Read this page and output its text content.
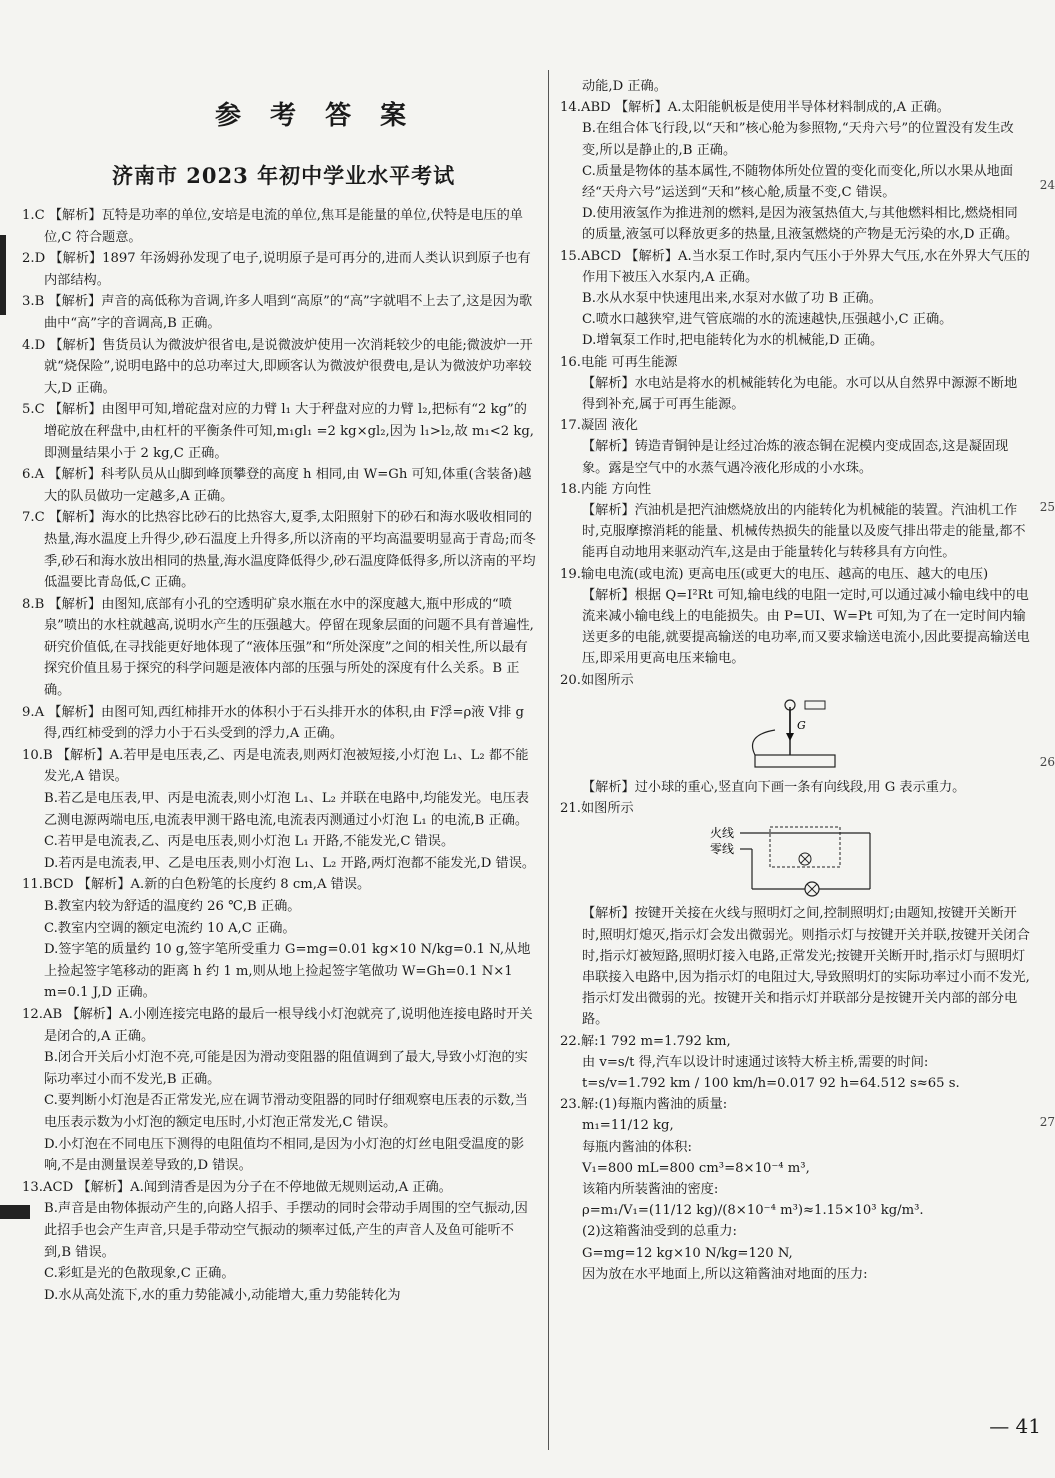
参 考 答 案
济南市 2023 年初中学业水平考试

1.C 【解析】瓦特是功率的单位,安培是电流的单位,焦耳是能量的单位,伏特是电压的单位,C 符合题意。

2.D 【解析】1897 年汤姆孙发现了电子,说明原子是可再分的,进而人类认识到原子也有内部结构。

3.B 【解析】声音的高低称为音调,许多人唱到“高原”的“高”字就唱不上去了,这是因为歌曲中“高”字的音调高,B 正确。

4.D 【解析】售货员认为微波炉很省电,是说微波炉使用一次消耗较少的电能;微波炉一开就“烧保险”,说明电路中的总功率过大,即顾客认为微波炉很费电,是认为微波炉功率较大,D 正确。

5.C 【解析】由图甲可知,增砣盘对应的力臂 l₁ 大于秤盘对应的力臂 l₂,把标有“2 kg”的增砣放在秤盘中,由杠杆的平衡条件可知,m₁gl₁ =2 kg×gl₂,因为 l₁>l₂,故 m₁<2 kg,即测量结果小于 2 kg,C 正确。

6.A 【解析】科考队员从山脚到峰顶攀登的高度 h 相同,由 W=Gh 可知,体重(含装备)越大的队员做功一定越多,A 正确。

7.C 【解析】海水的比热容比砂石的比热容大,夏季,太阳照射下的砂石和海水吸收相同的热量,海水温度上升得少,砂石温度上升得多,所以济南的平均高温要明显高于青岛;而冬季,砂石和海水放出相同的热量,海水温度降低得少,砂石温度降低得多,所以济南的平均低温要比青岛低,C 正确。

8.B 【解析】由图知,底部有小孔的空透明矿泉水瓶在水中的深度越大,瓶中形成的“喷泉”喷出的水柱就越高,说明水产生的压强越大。停留在现象层面的问题不具有普遍性,研究价值低,在寻找能更好地体现了“液体压强”和“所处深度”之间的相关性,所以最有探究价值且易于探究的科学问题是液体内部的压强与所处的深度有什么关系。B 正确。

9.A 【解析】由图可知,西红柿排开水的体积小于石头排开水的体积,由 F浮=ρ液 V排 g 得,西红柿受到的浮力小于石头受到的浮力,A 正确。

10.B 【解析】A.若甲是电压表,乙、丙是电流表,则两灯泡被短接,小灯泡 L₁、L₂ 都不能发光,A 错误。

B.若乙是电压表,甲、丙是电流表,则小灯泡 L₁、L₂ 并联在电路中,均能发光。电压表乙测电源两端电压,电流表甲测干路电流,电流表丙测通过小灯泡 L₁ 的电流,B 正确。

C.若甲是电流表,乙、丙是电压表,则小灯泡 L₁ 开路,不能发光,C 错误。

D.若丙是电流表,甲、乙是电压表,则小灯泡 L₁、L₂ 开路,两灯泡都不能发光,D 错误。

11.BCD 【解析】A.新的白色粉笔的长度约 8 cm,A 错误。

B.教室内较为舒适的温度约 26 ℃,B 正确。

C.教室内空调的额定电流约 10 A,C 正确。

D.签字笔的质量约 10 g,签字笔所受重力 G=mg=0.01 kg×10 N/kg=0.1 N,从地上捡起签字笔移动的距离 h 约 1 m,则从地上捡起签字笔做功 W=Gh=0.1 N×1 m=0.1 J,D 正确。

12.AB 【解析】A.小刚连接完电路的最后一根导线小灯泡就亮了,说明他连接电路时开关是闭合的,A 正确。

B.闭合开关后小灯泡不亮,可能是因为滑动变阻器的阻值调到了最大,导致小灯泡的实际功率过小而不发光,B 正确。

C.要判断小灯泡是否正常发光,应在调节滑动变阻器的同时仔细观察电压表的示数,当电压表示数为小灯泡的额定电压时,小灯泡正常发光,C 错误。

D.小灯泡在不同电压下测得的电阻值均不相同,是因为小灯泡的灯丝电阻受温度的影响,不是由测量误差导致的,D 错误。

13.ACD 【解析】A.闻到清香是因为分子在不停地做无规则运动,A 正确。

B.声音是由物体振动产生的,向路人招手、手摆动的同时会带动手周围的空气振动,因此招手也会产生声音,只是手带动空气振动的频率过低,产生的声音人及鱼可能听不到,B 错误。

C.彩虹是光的色散现象,C 正确。

D.水从高处流下,水的重力势能减小,动能增大,重力势能转化为

动能,D 正确。

14.ABD 【解析】A.太阳能帆板是使用半导体材料制成的,A 正确。

B.在组合体飞行段,以“天和”核心舱为参照物,“天舟六号”的位置没有发生改变,所以是静止的,B 正确。

C.质量是物体的基本属性,不随物体所处位置的变化而变化,所以水果从地面经“天舟六号”运送到“天和”核心舱,质量不变,C 错误。

D.使用液氢作为推进剂的燃料,是因为液氢热值大,与其他燃料相比,燃烧相同的质量,液氢可以释放更多的热量,且液氢燃烧的产物是无污染的水,D 正确。

15.ABCD 【解析】A.当水泵工作时,泵内气压小于外界大气压,水在外界大气压的作用下被压入水泵内,A 正确。

B.水从水泵中快速甩出来,水泵对水做了功 B 正确。

C.喷水口越狭窄,进气管底端的水的流速越快,压强越小,C 正确。

D.增氧泵工作时,把电能转化为水的机械能,D 正确。

16.电能 可再生能源

【解析】水电站是将水的机械能转化为电能。水可以从自然界中源源不断地得到补充,属于可再生能源。

17.凝固 液化

【解析】铸造青铜钟是让经过冶炼的液态铜在泥模内变成固态,这是凝固现象。露是空气中的水蒸气遇冷液化形成的小水珠。

18.内能 方向性

【解析】汽油机是把汽油燃烧放出的内能转化为机械能的装置。汽油机工作时,克服摩擦消耗的能量、机械传热损失的能量以及废气排出带走的能量,都不能再自动地用来驱动汽车,这是由于能量转化与转移具有方向性。

19.输电电流(或电流) 更高电压(或更大的电压、越高的电压、越大的电压)

【解析】根据 Q=I²Rt 可知,输电线的电阻一定时,可以通过减小输电线中的电流来减小输电线上的电能损失。由 P=UI、W=Pt 可知,为了在一定时间内输送更多的电能,就要提高输送的电功率,而又要求输送电流小,因此要提高输送电压,即采用更高电压来输电。

20.如图所示

G

【解析】过小球的重心,竖直向下画一条有向线段,用 G 表示重力。

21.如图所示

火线
零线

【解析】按键开关接在火线与照明灯之间,控制照明灯;由题知,按键开关断开时,照明灯熄灭,指示灯会发出微弱光。则指示灯与按键开关并联,按键开关闭合时,指示灯被短路,照明灯接入电路,正常发光;按键开关断开时,指示灯与照明灯串联接入电路中,因为指示灯的电阻过大,导致照明灯的实际功率过小而不发光,指示灯发出微弱的光。按键开关和指示灯并联部分是按键开关内部的部分电路。

22.解:1 792 m=1.792 km,

由 v=s/t 得,汽车以设计时速通过该特大桥主桥,需要的时间:

t=s/v=1.792 km / 100 km/h=0.017 92 h=64.512 s≈65 s.

23.解:(1)每瓶内酱油的质量:

m₁=11/12 kg,

每瓶内酱油的体积:

V₁=800 mL=800 cm³=8×10⁻⁴ m³,

该箱内所装酱油的密度:

ρ=m₁/V₁=(11/12 kg)/(8×10⁻⁴ m³)≈1.15×10³ kg/m³.

(2)这箱酱油受到的总重力:

G=mg=12 kg×10 N/kg=120 N,

因为放在水平地面上,所以这箱酱油对地面的压力:

24
25
26
27
— 41
